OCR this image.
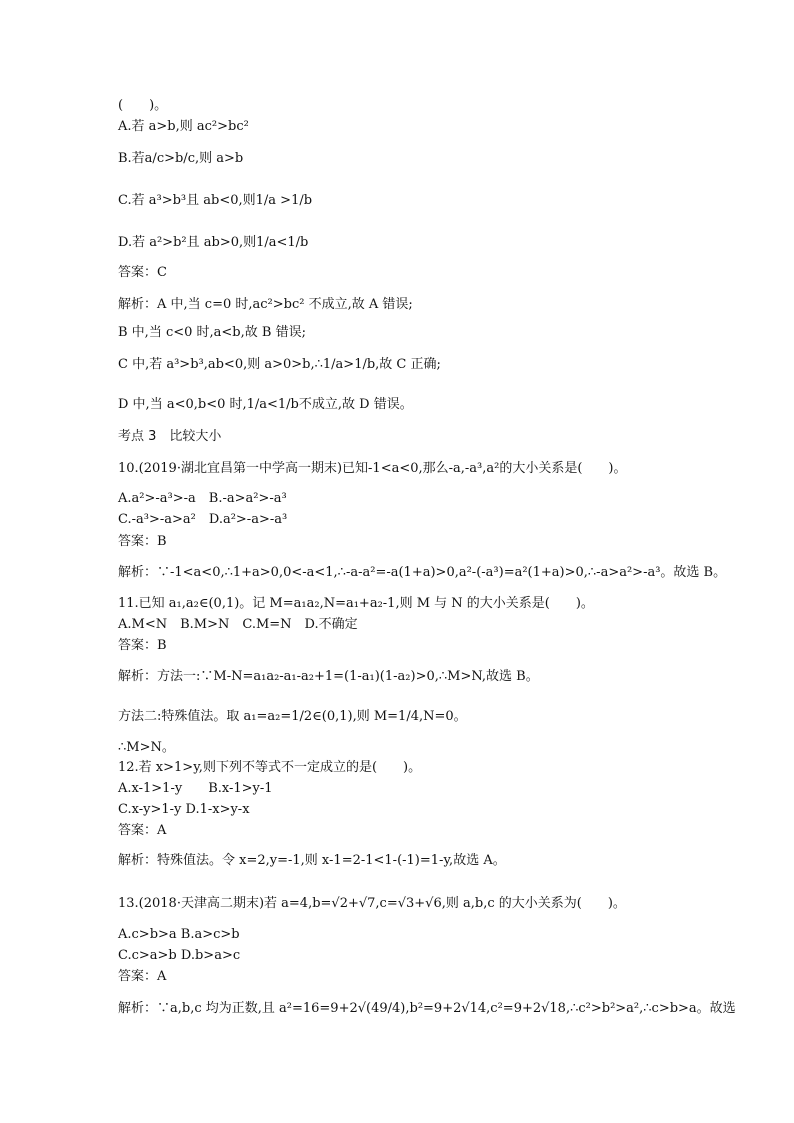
(　　)。
A.若 a>b,则 ac²>bc²
B.若a/c>b/c,则 a>b
C.若 a³>b³且 ab<0,则1/a >1/b
D.若 a²>b²且 ab>0,则1/a<1/b
答案：C
解析：A 中,当 c=0 时,ac²>bc² 不成立,故 A 错误;
B 中,当 c<0 时,a<b,故 B 错误;
C 中,若 a³>b³,ab<0,则 a>0>b,∴1/a>1/b,故 C 正确;
D 中,当 a<0,b<0 时,1/a<1/b不成立,故 D 错误。
考点 3　比较大小
10.(2019·湖北宜昌第一中学高一期末)已知-1<a<0,那么-a,-a³,a²的大小关系是(　　)。
A.a²>-a³>-a　B.-a>a²>-a³
C.-a³>-a>a²　D.a²>-a>-a³
答案：B
解析：∵-1<a<0,∴1+a>0,0<-a<1,∴-a-a²=-a(1+a)>0,a²-(-a³)=a²(1+a)>0,∴-a>a²>-a³。故选 B。
11.已知 a₁,a₂∈(0,1)。记 M=a₁a₂,N=a₁+a₂-1,则 M 与 N 的大小关系是(　　)。
A.M<N　B.M>N　C.M=N　D.不确定
答案：B
解析：方法一:∵M-N=a₁a₂-a₁-a₂+1=(1-a₁)(1-a₂)>0,∴M>N,故选 B。
方法二:特殊值法。取 a₁=a₂=1/2∈(0,1),则 M=1/4,N=0。
∴M>N。
12.若 x>1>y,则下列不等式不一定成立的是(　　)。
A.x-1>1-y　　B.x-1>y-1
C.x-y>1-y D.1-x>y-x
答案：A
解析：特殊值法。令 x=2,y=-1,则 x-1=2-1<1-(-1)=1-y,故选 A。
13.(2018·天津高二期末)若 a=4,b=√2+√7,c=√3+√6,则 a,b,c 的大小关系为(　　)。
A.c>b>a B.a>c>b
C.c>a>b D.b>a>c
答案：A
解析：∵a,b,c 均为正数,且 a²=16=9+2√(49/4),b²=9+2√14,c²=9+2√18,∴c²>b²>a²,∴c>b>a。故选
